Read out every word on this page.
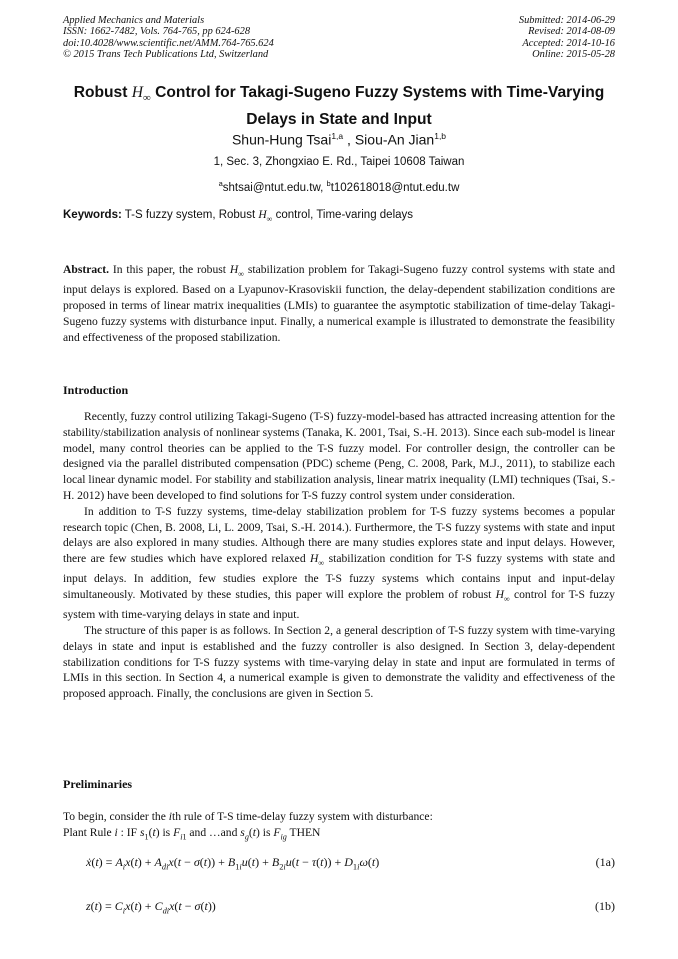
Applied Mechanics and Materials
ISSN: 1662-7482, Vols. 764-765, pp 624-628
doi:10.4028/www.scientific.net/AMM.764-765.624
© 2015 Trans Tech Publications Ltd, Switzerland
Submitted: 2014-06-29
Revised: 2014-08-09
Accepted: 2014-10-16
Online: 2015-05-28
Robust $H_\infty$ Control for Takagi-Sugeno Fuzzy Systems with Time-Varying
Delays in State and Input
Shun-Hung Tsai$^{1,a}$ , Siou-An Jian$^{1,b}$
1, Sec. 3, Zhongxiao E. Rd., Taipei 10608 Taiwan
$^a$shtsai@ntut.edu.tw, $^b$t102618018@ntut.edu.tw
Keywords: T-S fuzzy system, Robust $H_\infty$ control, Time-varing delays

Abstract. In this paper, the robust $H_\infty$ stabilization problem for Takagi-Sugeno fuzzy control systems with state and input delays is explored. Based on a Lyapunov-Krasoviskii function, the delay-dependent stabilization conditions are proposed in terms of linear matrix inequalities (LMIs) to guarantee the asymptotic stabilization of time-delay Takagi-Sugeno fuzzy systems with disturbance input. Finally, a numerical example is illustrated to demonstrate the feasibility and effectiveness of the proposed stabilization.

Introduction

Recently, fuzzy control utilizing Takagi-Sugeno (T-S) fuzzy-model-based has attracted increasing attention for the stability/stabilization analysis of nonlinear systems (Tanaka, K. 2001, Tsai, S.-H. 2013). Since each sub-model is linear model, many control theories can be applied to the T-S fuzzy model. For controller design, the controller can be designed via the parallel distributed compensation (PDC) scheme (Peng, C. 2008, Park, M.J., 2011), to stabilize each local linear dynamic model. For stability and stabilization analysis, linear matrix inequality (LMI) techniques (Tsai, S.-H. 2012) have been developed to find solutions for T-S fuzzy control system under consideration.

In addition to T-S fuzzy systems, time-delay stabilization problem for T-S fuzzy systems becomes a popular research topic (Chen, B. 2008, Li, L. 2009, Tsai, S.-H. 2014.). Furthermore, the T-S fuzzy systems with state and input delays are also explored in many studies. Although there are many studies explores state and input delays. However, there are few studies which have explored relaxed $H_\infty$ stabilization condition for T-S fuzzy systems with state and input delays. In addition, few studies explore the T-S fuzzy systems which contains input and input-delay simultaneously. Motivated by these studies, this paper will explore the problem of robust $H_\infty$ control for T-S fuzzy system with time-varying delays in state and input.

The structure of this paper is as follows. In Section 2, a general description of T-S fuzzy system with time-varying delays in state and input is established and the fuzzy controller is also designed. In Section 3, delay-dependent stabilization conditions for T-S fuzzy systems with time-varying delay in state and input are formulated in terms of LMIs in this section. In Section 4, a numerical example is given to demonstrate the validity and effectiveness of the proposed approach. Finally, the conclusions are given in Section 5.

Preliminaries

To begin, consider the ith rule of T-S time-delay fuzzy system with disturbance:

Plant Rule i : IF $s_1(t)$ is $F_{i1}$ and …and $s_g(t)$ is $F_{ig}$ THEN

ẋ(t) = $A_ix(t) + A_{di}x(t - \sigma(t)) + B_{1i}u(t) + B_{2i}u(t - \tau(t)) + D_{1i}\omega(t)$	(1a)
$z(t) = C_ix(t) + C_{di}x(t - \sigma(t))$	(1b)
